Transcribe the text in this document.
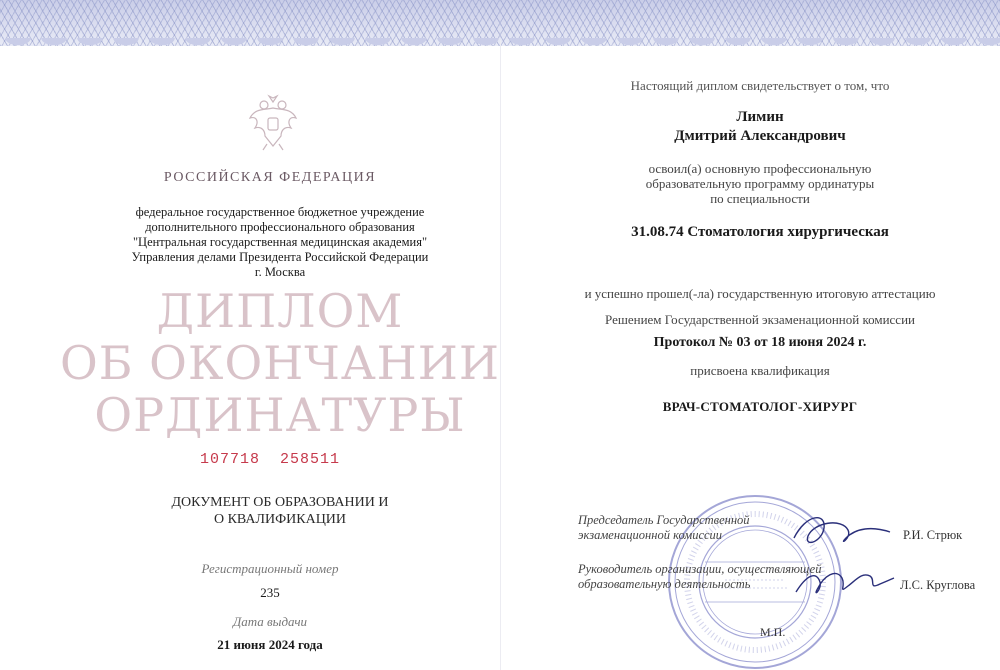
РОССИЙСКАЯ ФЕДЕРАЦИЯ
федеральное государственное бюджетное учреждение
дополнительного профессионального образования
"Центральная государственная медицинская академия"
Управления делами Президента Российской Федерации
г. Москва
ДИПЛОМ
ОБ ОКОНЧАНИИ
ОРДИНАТУРЫ
107718 258511
ДОКУМЕНТ ОБ ОБРАЗОВАНИИ И
О КВАЛИФИКАЦИИ
Регистрационный номер
235
Дата выдачи
21 июня 2024 года
Настоящий диплом свидетельствует о том, что
Лимин
Дмитрий Александрович
освоил(а) основную профессиональную
образовательную программу ординатуры
по специальности
31.08.74 Стоматология хирургическая
и успешно прошел(-ла) государственную итоговую аттестацию
Решением Государственной экзаменационной комиссии
Протокол № 03 от 18 июня 2024 г.
присвоена квалификация
ВРАЧ-СТОМАТОЛОГ-ХИРУРГ
Председатель Государственной
экзаменационной комиссии	Р.И. Стрюк
Руководитель организации, осуществляющей
образовательную деятельность	Л.С. Круглова
М.П.
